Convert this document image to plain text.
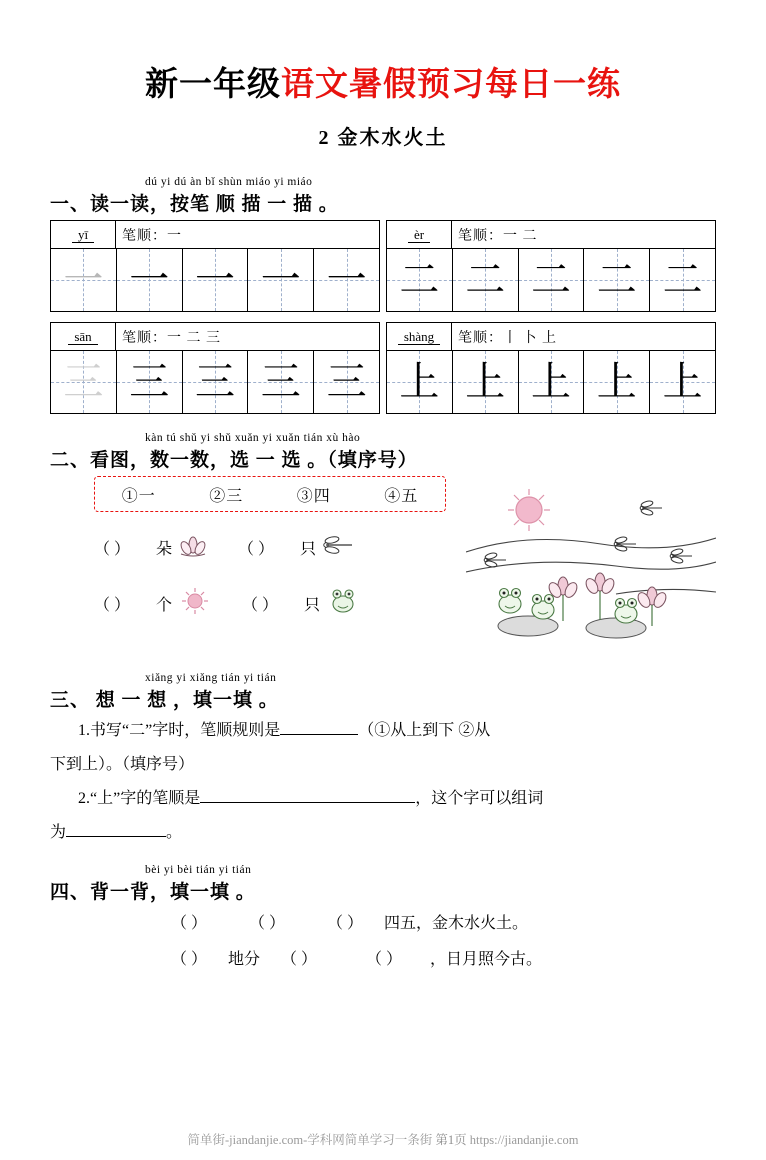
新一年级语文暑假预习每日一练
2 金木水火土
dú yi dú àn bǐ shùn miáo yi miáo
一、读一读，按笔 顺 描 一 描 。
yī	笔顺： 一
一 一 一 一 一
èr	笔顺： 一 二
二 二 二 二 二
sān	笔顺： 一 二 三
三 三 三 三 三
shàng	笔顺： 丨 卜 上
上 上 上 上 上
kàn tú shǔ yi shǔ xuǎn yi xuǎn tián xù hào
二、看图，数一数，选 一 选 。（填序号）
①一	②三	③四	④五
（ ）	朵	（ ）	只
（ ）	个	（ ）	只
xiǎng yi xiǎng tián yi tián
三、 想 一 想 ，填一填 。

1.书写“二”字时，笔顺规则是	（①从上到下 ②从

下到上）。（填序号）

2.“上”字的笔顺是	，这个字可以组词

为	。

bèi yi bèi tián yi tián
四、背一背，填一填 。

（ ）	（ ）	（ ） 四五，金木水火土。

（ ） 地分 （ ）	（ ） ，日月照今古。

简单街-jiandanjie.com-学科网简单学习一条街 第1页 https://jiandanjie.com
